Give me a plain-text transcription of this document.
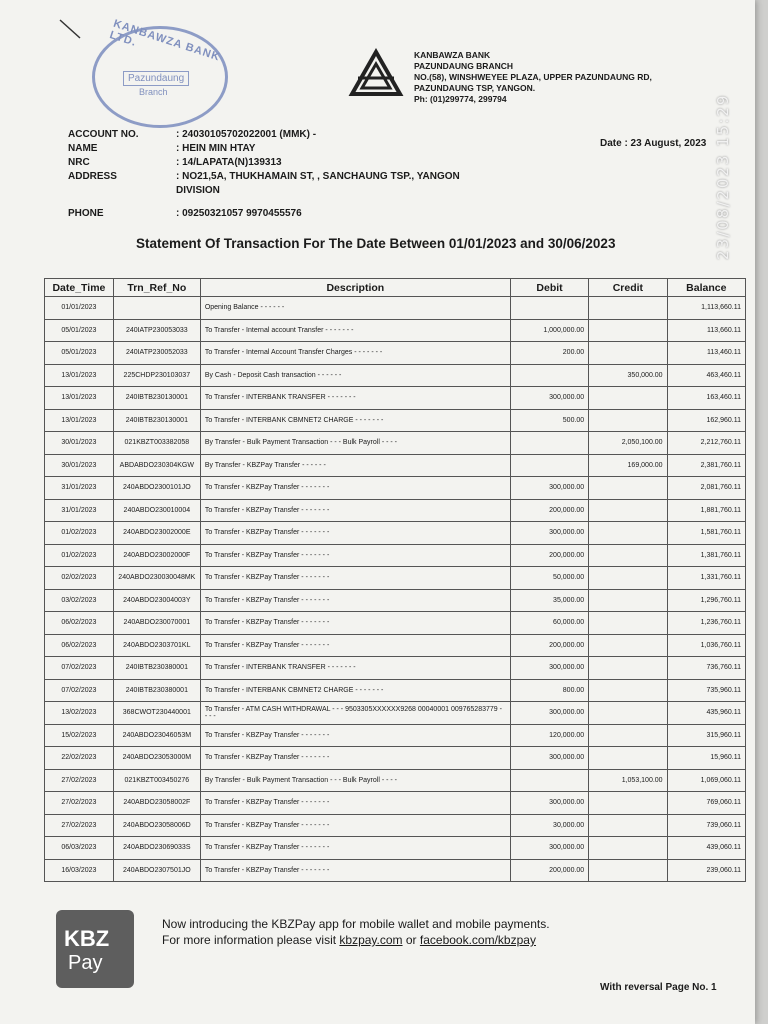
KANBAWZA BANK LTD.
Pazundaung
Branch
KANBAWZA BANK
PAZUNDAUNG BRANCH
NO.(58), WINSHWEYEE PLAZA, UPPER PAZUNDAUNG RD,
PAZUNDAUNG TSP, YANGON.
Ph: (01)299774, 299794
ACCOUNT NO.	: 24030105702022001 (MMK) -
NAME	: HEIN MIN HTAY
NRC	: 14/LAPATA(N)139313
ADDRESS	: NO21,5A, THUKHAMAIN ST, , SANCHAUNG TSP., YANGON
DIVISION
PHONE	: 09250321057 9970455576
Date : 23 August, 2023
Statement Of Transaction For The Date Between 01/01/2023 and 30/06/2023	23/08/2023 15:29
Date_Time	Trn_Ref_No	Description	Debit	Credit	Balance
01/01/2023		Opening Balance - - - - - -			1,113,660.11
05/01/2023	240IATP230053033	To Transfer - Internal account Transfer - - - - - - -	1,000,000.00		113,660.11
05/01/2023	240IATP230052033	To Transfer - Internal Account Transfer Charges - - - - - - -	200.00		113,460.11
13/01/2023	225CHDP230103037	By Cash - Deposit Cash transaction - - - - - -		350,000.00	463,460.11
13/01/2023	240IBTB230130001	To Transfer - INTERBANK TRANSFER - - - - - - -	300,000.00		163,460.11
13/01/2023	240IBTB230130001	To Transfer - INTERBANK CBMNET2 CHARGE - - - - - - -	500.00		162,960.11
30/01/2023	021KBZT003382058	By Transfer - Bulk Payment Transaction - - - Bulk Payroll - - - -		2,050,100.00	2,212,760.11
30/01/2023	ABDABDO230304KGW	By Transfer - KBZPay Transfer - - - - - -		169,000.00	2,381,760.11
31/01/2023	240ABDO2300101JO	To Transfer - KBZPay Transfer - - - - - - -	300,000.00		2,081,760.11
31/01/2023	240ABDO230010004	To Transfer - KBZPay Transfer - - - - - - -	200,000.00		1,881,760.11
01/02/2023	240ABDO23002000E	To Transfer - KBZPay Transfer - - - - - - -	300,000.00		1,581,760.11
01/02/2023	240ABDO23002000F	To Transfer - KBZPay Transfer - - - - - - -	200,000.00		1,381,760.11
02/02/2023	240ABDO230030048MK	To Transfer - KBZPay Transfer - - - - - - -	50,000.00		1,331,760.11
03/02/2023	240ABDO23004003Y	To Transfer - KBZPay Transfer - - - - - - -	35,000.00		1,296,760.11
06/02/2023	240ABDO230070001	To Transfer - KBZPay Transfer - - - - - - -	60,000.00		1,236,760.11
06/02/2023	240ABDO2303701KL	To Transfer - KBZPay Transfer - - - - - - -	200,000.00		1,036,760.11
07/02/2023	240IBTB230380001	To Transfer - INTERBANK TRANSFER - - - - - - -	300,000.00		736,760.11
07/02/2023	240IBTB230380001	To Transfer - INTERBANK CBMNET2 CHARGE - - - - - - -	800.00		735,960.11
13/02/2023	368CWOT230440001	To Transfer - ATM CASH WITHDRAWAL - - - 9503305XXXXXX9268 00040001 009765283779 - - - -	300,000.00		435,960.11
15/02/2023	240ABDO23046053M	To Transfer - KBZPay Transfer - - - - - - -	120,000.00		315,960.11
22/02/2023	240ABDO23053000M	To Transfer - KBZPay Transfer - - - - - - -	300,000.00		15,960.11
27/02/2023	021KBZT003450276	By Transfer - Bulk Payment Transaction - - - Bulk Payroll - - - -		1,053,100.00	1,069,060.11
27/02/2023	240ABDO23058002F	To Transfer - KBZPay Transfer - - - - - - -	300,000.00		769,060.11
27/02/2023	240ABDO23058006D	To Transfer - KBZPay Transfer - - - - - - -	30,000.00		739,060.11
06/03/2023	240ABDO23069033S	To Transfer - KBZPay Transfer - - - - - - -	300,000.00		439,060.11
16/03/2023	240ABDO2307501JO	To Transfer - KBZPay Transfer - - - - - - -	200,000.00		239,060.11
KBZ
Pay
Now introducing the KBZPay app for mobile wallet and mobile payments.
For more information please visit kbzpay.com or facebook.com/kbzpay
With reversal Page No. 1
